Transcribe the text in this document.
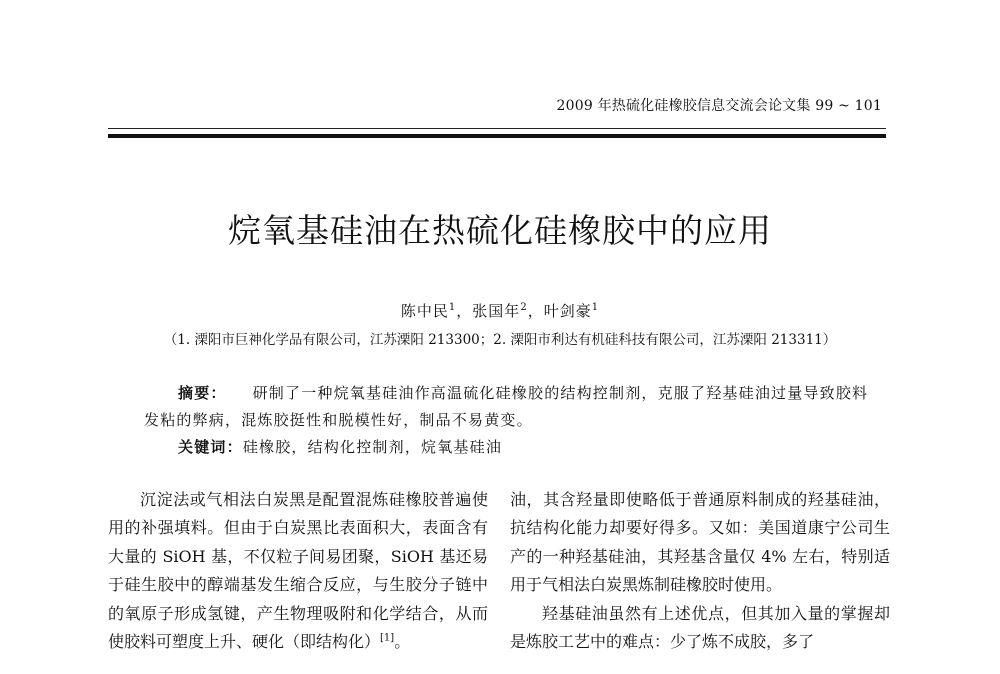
2009 年热硫化硅橡胶信息交流会论文集 99 ~ 101
烷氧基硅油在热硫化硅橡胶中的应用
陈中民$^1$，张国年$^2$，叶剑豪$^1$
（1. 溧阳市巨神化学品有限公司，江苏溧阳 213300；2. 溧阳市利达有机硅科技有限公司，江苏溧阳 213311）
摘要： 研制了一种烷氧基硅油作高温硫化硅橡胶的结构控制剂，克服了羟基硅油过量导致胶料发粘的弊病，混炼胶挺性和脱模性好，制品不易黄变。
关键词：硅橡胶，结构化控制剂，烷氧基硅油

沉淀法或气相法白炭黑是配置混炼硅橡胶普遍使用的补强填料。但由于白炭黑比表面积大，表面含有大量的 SiOH 基，不仅粒子间易团聚，SiOH 基还易于硅生胶中的醇端基发生缩合反应，与生胶分子链中的氧原子形成氢键，产生物理吸附和化学结合，从而使胶料可塑度上升、硬化（即结构化）[1]。

油，其含羟量即使略低于普通原料制成的羟基硅油，抗结构化能力却要好得多。又如：美国道康宁公司生产的一种羟基硅油，其羟基含量仅 4% 左右，特别适用于气相法白炭黑炼制硅橡胶时使用。

羟基硅油虽然有上述优点，但其加入量的掌握却是炼胶工艺中的难点：少了炼不成胶，多了
